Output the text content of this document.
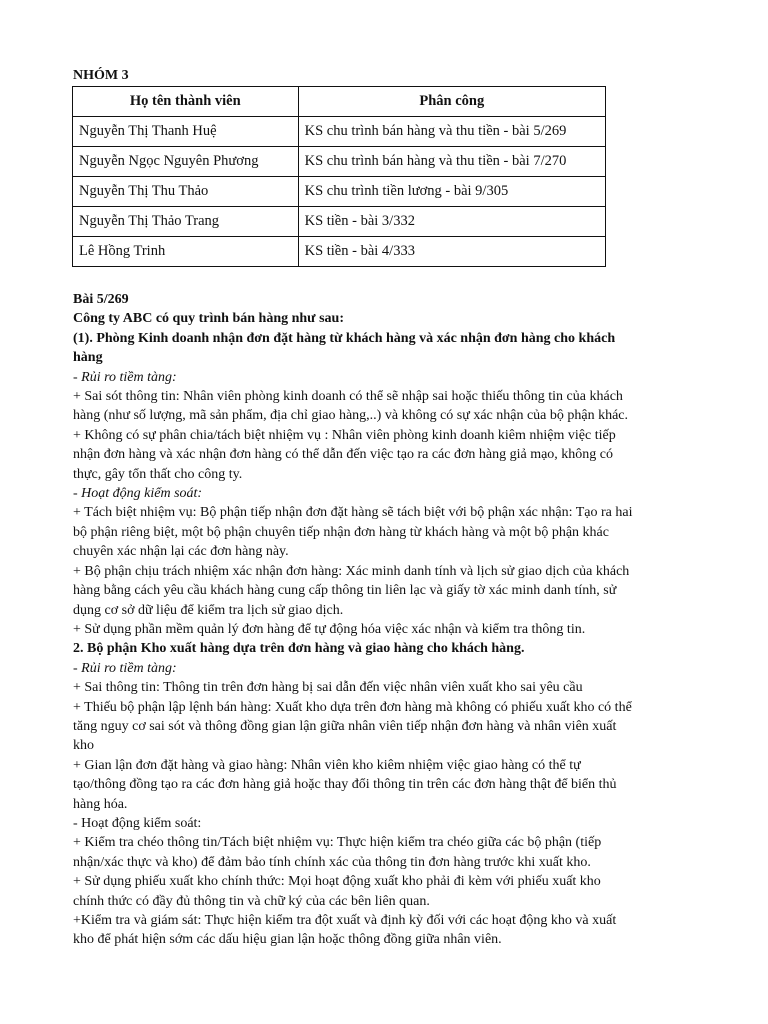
NHÓM 3
Họ tên thành viên	Phân công
Nguyễn Thị Thanh Huệ	KS chu trình bán hàng và thu tiền - bài 5/269
Nguyễn Ngọc Nguyên Phương	KS chu trình bán hàng và thu tiền - bài 7/270
Nguyễn Thị Thu Thảo	KS chu trình tiền lương - bài 9/305
Nguyễn Thị Thảo Trang	KS tiền - bài 3/332
Lê Hồng Trinh	KS tiền - bài 4/333
Bài 5/269
Công ty ABC có quy trình bán hàng như sau:
(1). Phòng Kinh doanh nhận đơn đặt hàng từ khách hàng và xác nhận đơn hàng cho khách
hàng
- Rủi ro tiềm tàng:
+ Sai sót thông tin: Nhân viên phòng kinh doanh có thể sẽ nhập sai hoặc thiếu thông tin của khách
hàng (như số lượng, mã sản phẩm, địa chỉ giao hàng,..) và không có sự xác nhận của bộ phận khác.
+ Không có sự phân chia/tách biệt nhiệm vụ : Nhân viên phòng kinh doanh kiêm nhiệm việc tiếp
nhận đơn hàng và xác nhận đơn hàng có thể dẫn đến việc tạo ra các đơn hàng giả mạo, không có
thực, gây tổn thất cho công ty.
- Hoạt động kiểm soát:
+ Tách biệt nhiệm vụ: Bộ phận tiếp nhận đơn đặt hàng sẽ tách biệt với bộ phận xác nhận: Tạo ra hai
bộ phận riêng biệt, một bộ phận chuyên tiếp nhận đơn hàng từ khách hàng và một bộ phận khác
chuyên xác nhận lại các đơn hàng này.
+ Bộ phận chịu trách nhiệm xác nhận đơn hàng: Xác minh danh tính và lịch sử giao dịch của khách
hàng bằng cách yêu cầu khách hàng cung cấp thông tin liên lạc và giấy tờ xác minh danh tính, sử
dụng cơ sở dữ liệu để kiểm tra lịch sử giao dịch.
+ Sử dụng phần mềm quản lý đơn hàng để tự động hóa việc xác nhận và kiểm tra thông tin.
2. Bộ phận Kho xuất hàng dựa trên đơn hàng và giao hàng cho khách hàng.
- Rủi ro tiềm tàng:
+ Sai thông tin: Thông tin trên đơn hàng bị sai dẫn đến việc nhân viên xuất kho sai yêu cầu
+ Thiếu bộ phận lập lệnh bán hàng: Xuất kho dựa trên đơn hàng mà không có phiếu xuất kho có thể
tăng nguy cơ sai sót và thông đồng gian lận giữa nhân viên tiếp nhận đơn hàng và nhân viên xuất
kho
+ Gian lận đơn đặt hàng và giao hàng: Nhân viên kho kiêm nhiệm việc giao hàng có thể tự
tạo/thông đồng tạo ra các đơn hàng giả hoặc thay đổi thông tin trên các đơn hàng thật để biển thủ
hàng hóa.
- Hoạt động kiểm soát:
+ Kiểm tra chéo thông tin/Tách biệt nhiệm vụ: Thực hiện kiểm tra chéo giữa các bộ phận (tiếp
nhận/xác thực và kho) để đảm bảo tính chính xác của thông tin đơn hàng trước khi xuất kho.
+ Sử dụng phiếu xuất kho chính thức: Mọi hoạt động xuất kho phải đi kèm với phiếu xuất kho
chính thức có đầy đủ thông tin và chữ ký của các bên liên quan.
+Kiểm tra và giám sát: Thực hiện kiểm tra đột xuất và định kỳ đối với các hoạt động kho và xuất
kho để phát hiện sớm các dấu hiệu gian lận hoặc thông đồng giữa nhân viên.
